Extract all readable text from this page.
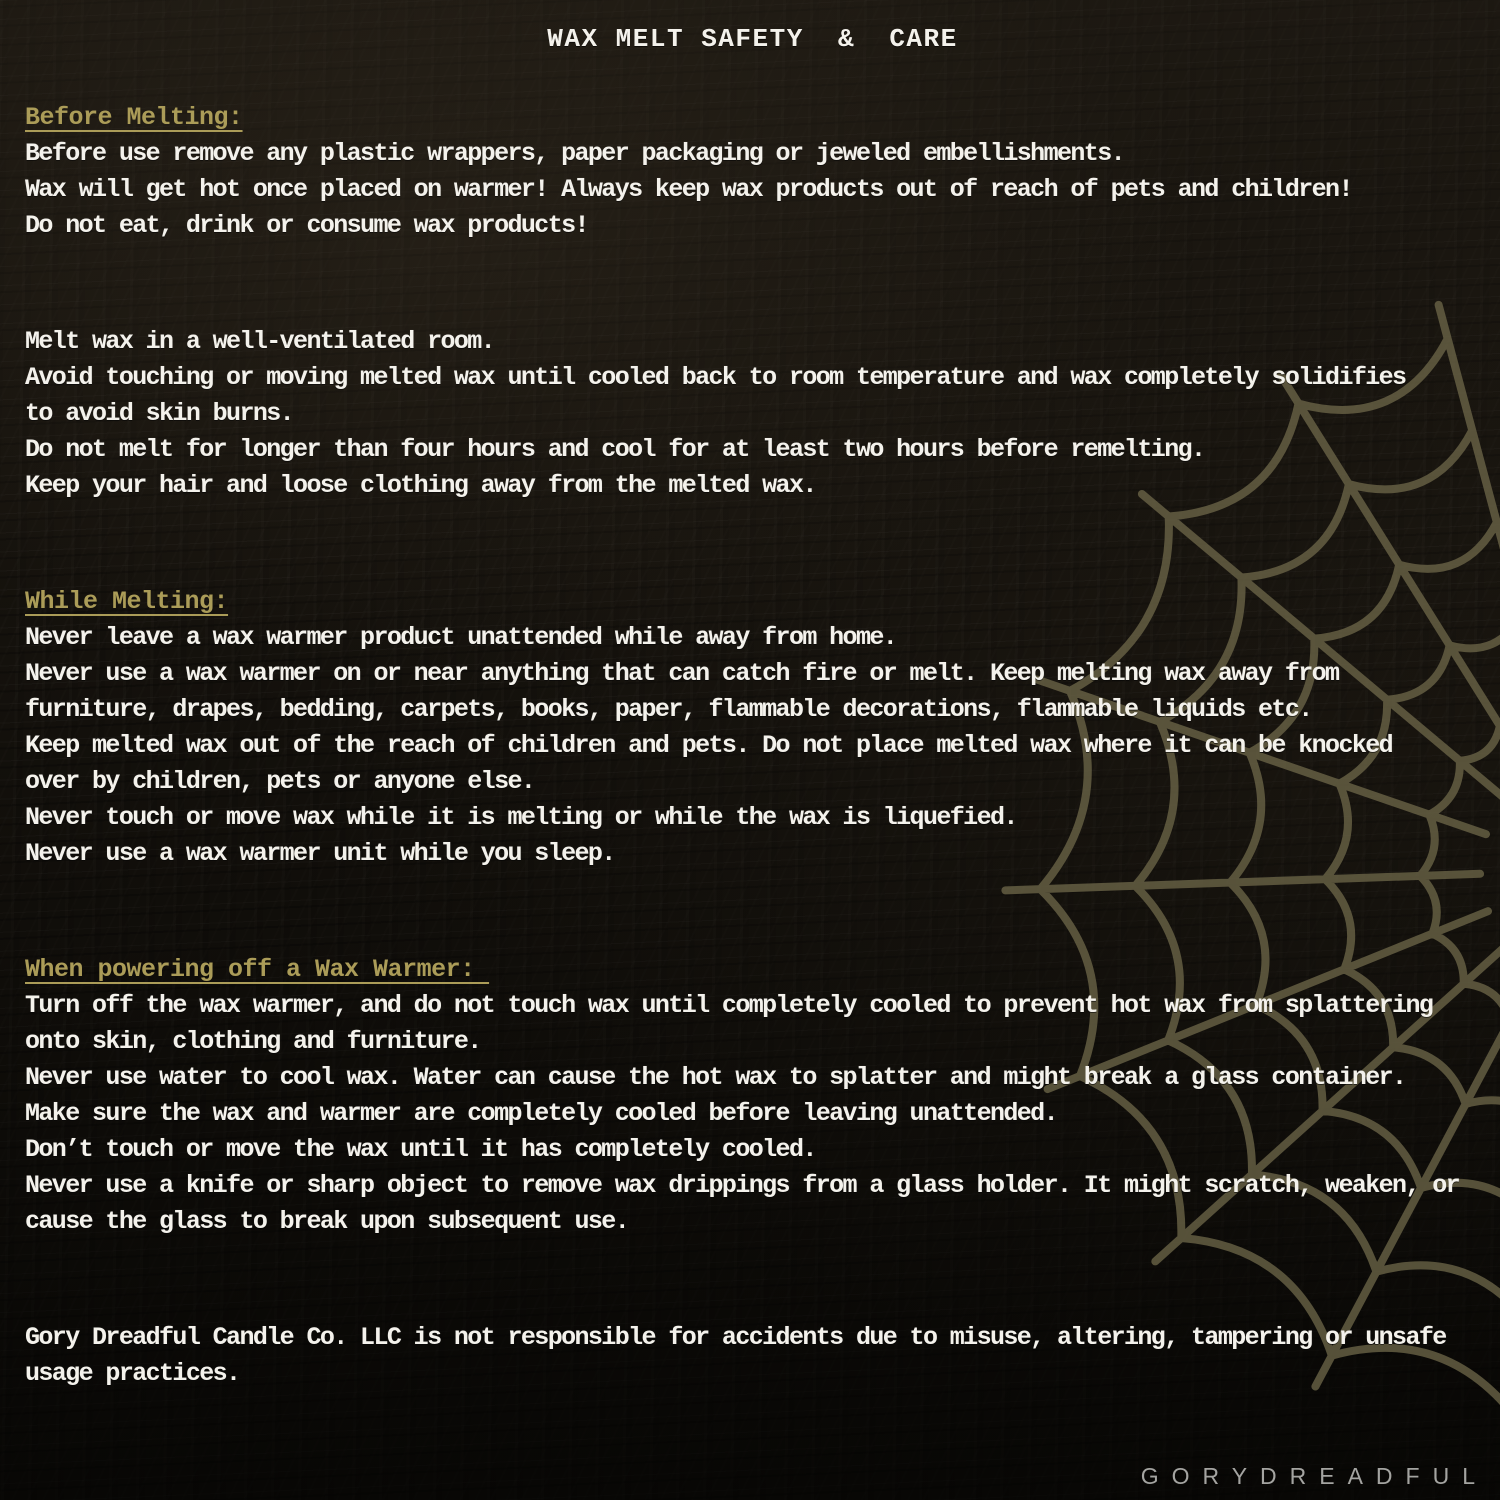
WAX MELT SAFETY  &  CARE
Before Melting:
Before use remove any plastic wrappers, paper packaging or jeweled embellishments.
Wax will get hot once placed on warmer! Always keep wax products out of reach of pets and children!
Do not eat, drink or consume wax products!
Melt wax in a well-ventilated room.
Avoid touching or moving melted wax until cooled back to room temperature and wax completely solidifies
to avoid skin burns.
Do not melt for longer than four hours and cool for at least two hours before remelting.
Keep your hair and loose clothing away from the melted wax.
While Melting:
Never leave a wax warmer product unattended while away from home.
Never use a wax warmer on or near anything that can catch fire or melt. Keep melting wax away from
furniture, drapes, bedding, carpets, books, paper, flammable decorations, flammable liquids etc.
Keep melted wax out of the reach of children and pets. Do not place melted wax where it can be knocked
over by children, pets or anyone else.
Never touch or move wax while it is melting or while the wax is liquefied.
Never use a wax warmer unit while you sleep.
When powering off a Wax Warmer:
Turn off the wax warmer, and do not touch wax until completely cooled to prevent hot wax from splattering
onto skin, clothing and furniture.
Never use water to cool wax. Water can cause the hot wax to splatter and might break a glass container.
Make sure the wax and warmer are completely cooled before leaving unattended.
Don’t touch or move the wax until it has completely cooled.
Never use a knife or sharp object to remove wax drippings from a glass holder. It might scratch, weaken, or
cause the glass to break upon subsequent use.
Gory Dreadful Candle Co. LLC is not responsible for accidents due to misuse, altering, tampering or unsafe
usage practices.
GORYDREADFUL
